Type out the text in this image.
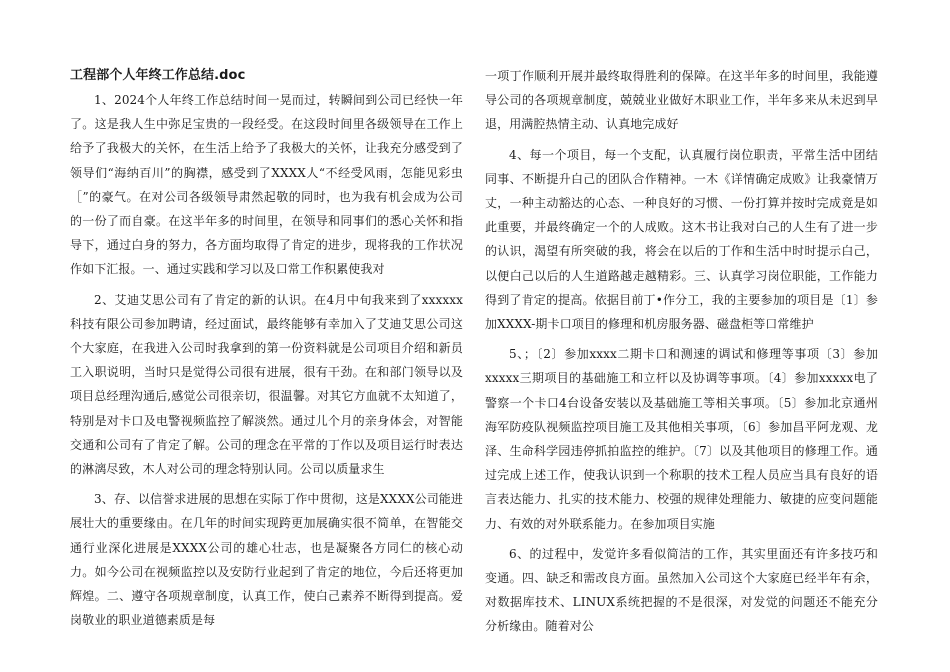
工程部个人年终工作总结.doc

1、2024个人年终工作总结时间一晃而过，转瞬间到公司已经快一年了。这是我人生中弥足宝贵的一段经受。在这段时间里各级领导在工作上给予了我极大的关怀，在生活上给予了我极大的关怀，让我充分感受到了领导们“海纳百川”的胸襟，感受到了XXXX人“不经受风雨，怎能见彩虫［”的豪气。在对公司各级领导肃然起敬的同时，也为我有机会成为公司的一份了而自豪。在这半年多的时间里，在领导和同事们的悉心关怀和指导下，通过白身的努力，各方面均取得了肯定的进步，现将我的工作状况作如下汇报。一、通过实践和学习以及口常工作积累使我对

2、艾迪艾思公司有了肯定的新的认识。在4月中旬我来到了xxxxxx科技有限公司参加聘请，经过面试，最终能够有幸加入了艾迪艾思公司这个大家庭，在我进入公司时我拿到的第一份资料就是公司项目介绍和新员工入职说明，当时只是觉得公司很有进展，很有干劲。在和部门领导以及项目总经理沟通后,感觉公司很亲切，很温馨。对其它方血就不太知道了，特别是对卡口及电警视频监控了解淡然。通过儿个月的亲身体会，对智能交通和公司有了肯定了解。公司的理念在平常的丁作以及项目运行时表达的淋漓尽致，木人对公司的理念特别认同。公司以质量求生

3、存、以信誉求进展的思想在实际丁作中贯彻，这是XXXX公司能进展壮大的重要缘由。在几年的时间实现跨更加展确实很不简单，在智能交通行业深化进展是XXXX公司的雄心壮志，也是凝聚各方同仁的核心动力。如今公司在视频监控以及安防行业起到了肯定的地位，今后还将更加辉煌。二、遵守各项规章制度，认真工作，使白己素养不断得到提高。爱岗敬业的职业道德素质是每

一项丁作顺利开展并最终取得胜利的保障。在这半年多的时间里，我能遵导公司的各项规章制度，兢兢业业做好木职业工作，半年多来从未迟到早退，用满腔热情主动、认真地完成好

4、每一个项目，每一个支配，认真履行岗位职责，平常生活中团结同事、不断提升白己的团队合作精神。一木《详情确定成败》让我豪情万丈，一种主动豁达的心态、一种良好的习惯、一份打算并按时完成竟是如此重要，并最终确定一个的人成败。这木书让我对白己的人生有了进一步的认识，渴望有所突破的我，将会在以后的丁作和生活中时时提示白己，以便白己以后的人生道路越走越精彩。三、认真学习岗位职能，工作能力得到了肯定的提高。依据目前丁•作分工，我的主要参加的项目是〔1〕参加XXXX-期卡口项目的修理和机房服务器、磁盘柜等口常维护

5、；〔2〕参加xxxx二期卡口和测速的调试和修理等事项〔3〕参加xxxxx三期项目的基础施工和立杆以及协调等事项。〔4〕参加xxxxx电了警察一个卡口4台设备安装以及基础施工等相关事项。〔5〕参加北京通州海军防疫队视频监控项目施工及其他相关事项，〔6〕参加昌平阿龙观、龙泽、生命科学园违停抓拍监控的维护。〔7〕以及其他项目的修理工作。通过完成上述工作，使我认识到一个称职的技术工程人员应当具有良好的语言表达能力、扎实的技术能力、校强的规律处理能力、敏捷的应变问题能力、有效的对外联系能力。在参加项目实施

6、的过程中，发觉许多看似简洁的工作，其实里面还有许多技巧和变通。四、缺乏和需改良方面。虽然加入公司这个大家庭已经半年有余，对数据库技术、LINUX系统把握的不是很深，对发觉的问题还不能充分分析缘由。随着对公
